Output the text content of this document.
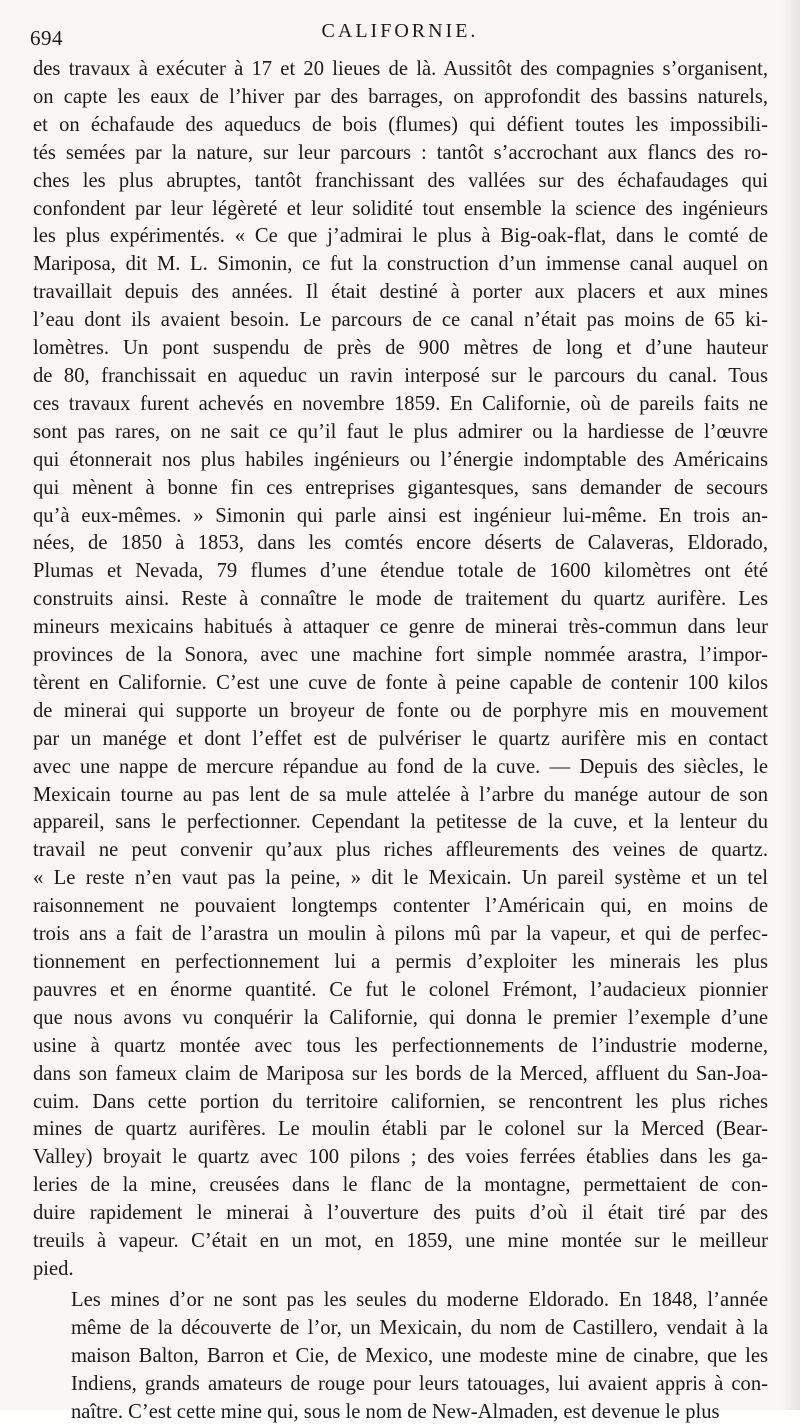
694	CALIFORNIE.

des travaux à exécuter à 17 et 20 lieues de là. Aussitôt des compagnies s’organisent,
on capte les eaux de l’hiver par des barrages, on approfondit des bassins naturels,
et on échafaude des aqueducs de bois (flumes) qui défient toutes les impossibili-
tés semées par la nature, sur leur parcours : tantôt s’accrochant aux flancs des ro-
ches les plus abruptes, tantôt franchissant des vallées sur des échafaudages qui
confondent par leur légèreté et leur solidité tout ensemble la science des ingénieurs
les plus expérimentés. « Ce que j’admirai le plus à Big-oak-flat, dans le comté de
Mariposa, dit M. L. Simonin, ce fut la construction d’un immense canal auquel on
travaillait depuis des années. Il était destiné à porter aux placers et aux mines
l’eau dont ils avaient besoin. Le parcours de ce canal n’était pas moins de 65 ki-
lomètres. Un pont suspendu de près de 900 mètres de long et d’une hauteur
de 80, franchissait en aqueduc un ravin interposé sur le parcours du canal. Tous
ces travaux furent achevés en novembre 1859. En Californie, où de pareils faits ne
sont pas rares, on ne sait ce qu’il faut le plus admirer ou la hardiesse de l’œuvre
qui étonnerait nos plus habiles ingénieurs ou l’énergie indomptable des Américains
qui mènent à bonne fin ces entreprises gigantesques, sans demander de secours
qu’à eux-mêmes. » Simonin qui parle ainsi est ingénieur lui-même. En trois an-
nées, de 1850 à 1853, dans les comtés encore déserts de Calaveras, Eldorado,
Plumas et Nevada, 79 flumes d’une étendue totale de 1600 kilomètres ont été
construits ainsi. Reste à connaître le mode de traitement du quartz aurifère. Les
mineurs mexicains habitués à attaquer ce genre de minerai très-commun dans leur
provinces de la Sonora, avec une machine fort simple nommée arastra, l’impor-
tèrent en Californie. C’est une cuve de fonte à peine capable de contenir 100 kilos
de minerai qui supporte un broyeur de fonte ou de porphyre mis en mouvement
par un manége et dont l’effet est de pulvériser le quartz aurifère mis en contact
avec une nappe de mercure répandue au fond de la cuve. — Depuis des siècles, le
Mexicain tourne au pas lent de sa mule attelée à l’arbre du manége autour de son
appareil, sans le perfectionner. Cependant la petitesse de la cuve, et la lenteur du
travail ne peut convenir qu’aux plus riches affleurements des veines de quartz.
« Le reste n’en vaut pas la peine, » dit le Mexicain. Un pareil système et un tel
raisonnement ne pouvaient longtemps contenter l’Américain qui, en moins de
trois ans a fait de l’arastra un moulin à pilons mû par la vapeur, et qui de perfec-
tionnement en perfectionnement lui a permis d’exploiter les minerais les plus
pauvres et en énorme quantité. Ce fut le colonel Frémont, l’audacieux pionnier
que nous avons vu conquérir la Californie, qui donna le premier l’exemple d’une
usine à quartz montée avec tous les perfectionnements de l’industrie moderne,
dans son fameux claim de Mariposa sur les bords de la Merced, affluent du San-Joa-
cuim. Dans cette portion du territoire californien, se rencontrent les plus riches
mines de quartz aurifères. Le moulin établi par le colonel sur la Merced (Bear-
Valley) broyait le quartz avec 100 pilons ; des voies ferrées établies dans les ga-
leries de la mine, creusées dans le flanc de la montagne, permettaient de con-
duire rapidement le minerai à l’ouverture des puits d’où il était tiré par des
treuils à vapeur. C’était en un mot, en 1859, une mine montée sur le meilleur
pied.

Les mines d’or ne sont pas les seules du moderne Eldorado. En 1848, l’année
même de la découverte de l’or, un Mexicain, du nom de Castillero, vendait à la
maison Balton, Barron et Cie, de Mexico, une modeste mine de cinabre, que les
Indiens, grands amateurs de rouge pour leurs tatouages, lui avaient appris à con-
naître. C’est cette mine qui, sous le nom de New-Almaden, est devenue le plus
